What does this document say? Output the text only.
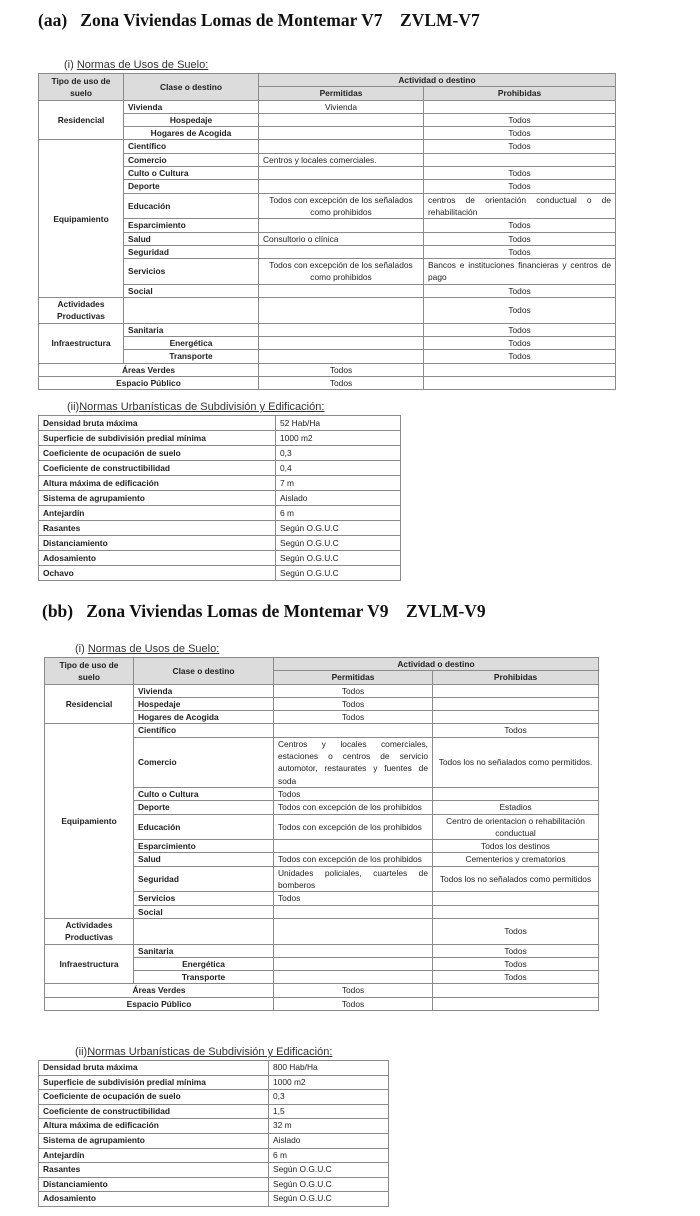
(aa)   Zona Viviendas Lomas de Montemar V7    ZVLM-V7
(i) Normas de Usos de Suelo:
Tipo de uso de suelo	Clase o destino	Actividad o destino	
		Permitidas	Prohibidas
Residencial	Vivienda	Vivienda	
	Hospedaje		Todos
	Hogares de Acogida		Todos
Equipamiento	Científico		Todos
	Comercio	Centros y locales comerciales.	
	Culto o Cultura		Todos
	Deporte		Todos
	Educación	Todos con excepción de los señalados como prohibidos	centros de orientación conductual o de rehabilitación
	Esparcimiento		Todos
	Salud	Consultorio o clínica	Todos
	Seguridad		Todos
	Servicios	Todos con excepción de los señalados como prohibidos	Bancos e instituciones financieras y centros de pago
	Social		Todos
Actividades Productivas			Todos
Infraestructura	Sanitaria		Todos
	Energética		Todos
	Transporte		Todos
Áreas Verdes		Todos	
Espacio Público		Todos	
(ii)Normas Urbanísticas de Subdivisión y Edificación:
Densidad bruta máxima	52 Hab/Ha
Superficie de subdivisión predial mínima	1000 m2
Coeficiente de ocupación de suelo	0,3
Coeficiente de constructibilidad	0,4
Altura máxima de edificación	7 m
Sistema de agrupamiento	Aislado
Antejardín	6 m
Rasantes	Según O.G.U.C
Distanciamiento	Según O.G.U.C
Adosamiento	Según O.G.U.C
Ochavo	Según O.G.U.C
(bb)   Zona Viviendas Lomas de Montemar V9    ZVLM-V9
(i) Normas de Usos de Suelo:
Tipo de uso de suelo	Clase o destino	Actividad o destino	
		Permitidas	Prohibidas
Residencial	Vivienda	Todos	
	Hospedaje	Todos	
	Hogares de Acogida	Todos	
Equipamiento	Científico		Todos
	Comercio	Centros y locales comerciales, estaciones o centros de servicio automotor, restaurates y fuentes de soda	Todos los no señalados como permitidos.
	Culto o Cultura	Todos	
	Deporte	Todos con excepción de los prohibidos	Estadios
	Educación	Todos con excepción de los prohibidos	Centro de orientacion o rehabilitación conductual
	Esparcimiento		Todos los destinos
	Salud	Todos con excepción de los prohibidos	Cementerios y crematorios
	Seguridad	Unidades policiales, cuarteles de bomberos	Todos los no señalados como permitidos
	Servicios	Todos	
	Social		
Actividades Productivas			Todos
Infraestructura	Sanitaria		Todos
	Energética		Todos
	Transporte		Todos
Áreas Verdes		Todos	
Espacio Público		Todos	
(ii)Normas Urbanísticas de Subdivisión y Edificación:
Densidad bruta máxima	800 Hab/Ha
Superficie de subdivisión predial mínima	1000 m2
Coeficiente de ocupación de suelo	0,3
Coeficiente de constructibilidad	1,5
Altura máxima de edificación	32 m
Sistema de agrupamiento	Aislado
Antejardín	6 m
Rasantes	Según O.G.U.C
Distanciamiento	Según O.G.U.C
Adosamiento	Según O.G.U.C
